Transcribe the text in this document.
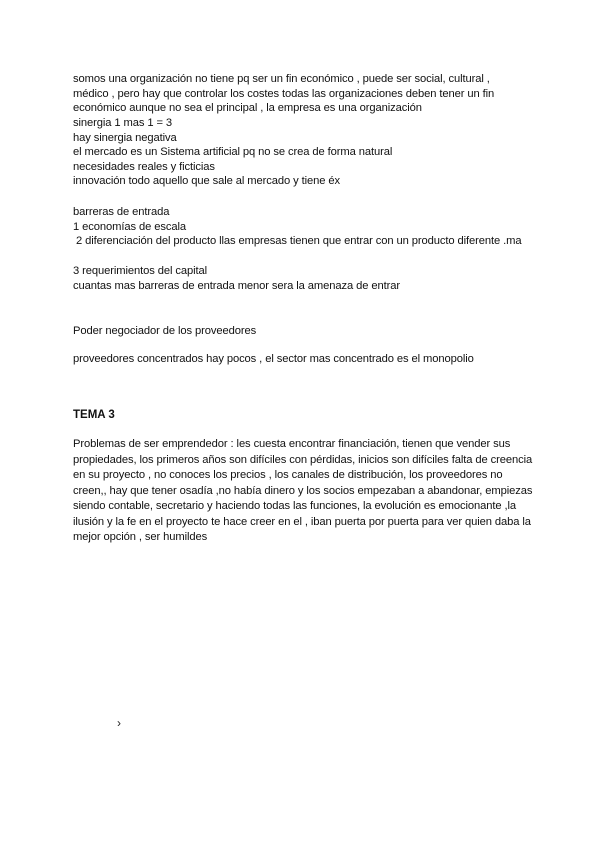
somos una organización no tiene pq ser un fin económico , puede ser social, cultural ,
médico , pero hay que controlar los costes todas las organizaciones deben tener un fin
económico aunque no sea el principal , la empresa es una organización
sinergia 1 mas 1 = 3
hay sinergia negativa
el mercado es un Sistema artificial pq no se crea de forma natural
necesidades reales y ficticias
innovación todo aquello que sale al mercado y tiene éx
barreras de entrada
1 economías de escala
2 diferenciación del producto llas empresas tienen que entrar con un producto diferente .ma
3 requerimientos del capital
cuantas mas barreras de entrada menor sera la amenaza de entrar
Poder negociador de los proveedores
proveedores concentrados hay pocos , el sector mas concentrado es el monopolio
TEMA 3
Problemas de ser emprendedor : les cuesta encontrar financiación, tienen que vender sus propiedades, los primeros años son difíciles con pérdidas, inicios son difíciles falta de creencia en su proyecto , no conoces los precios , los canales de distribución, los proveedores no creen,, hay que tener osadía ,no había dinero y los socios empezaban a abandonar, empiezas siendo contable, secretario y haciendo todas las funciones, la evolución es emocionante ,la ilusión y la fe en el proyecto te hace creer en el , iban puerta por puerta para ver quien daba la mejor opción , ser humildes
›
